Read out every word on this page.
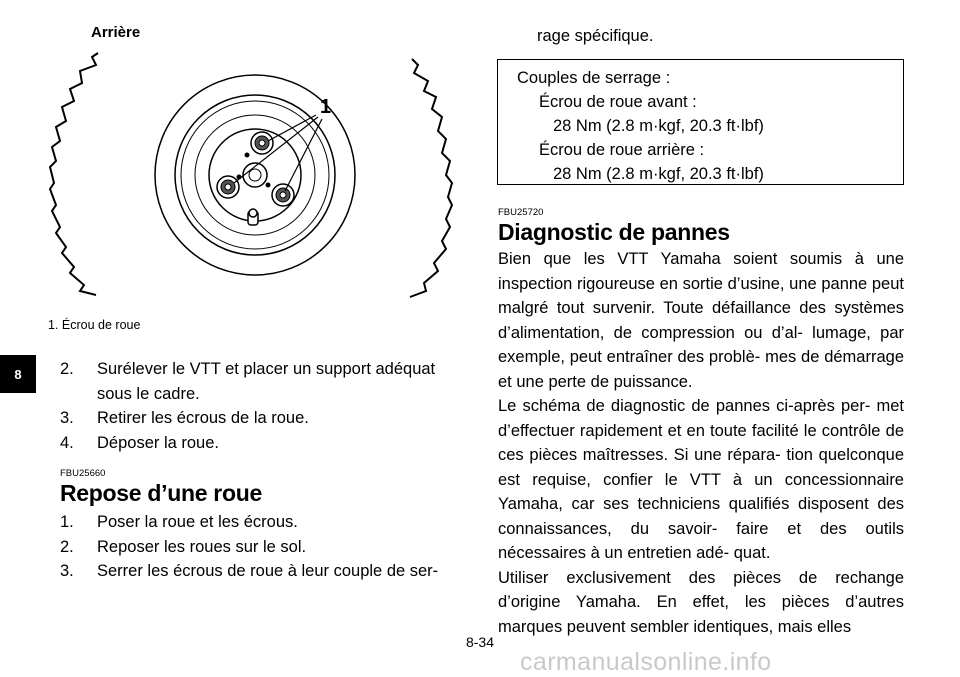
Arrière
1
1. Écrou de roue
8	2. Surélever le VTT et placer un support adéquat sous le cadre.
3. Retirer les écrous de la roue.
4. Déposer la roue.
FBU25660
Repose d’une roue
1. Poser la roue et les écrous.
2. Reposer les roues sur le sol.
3. Serrer les écrous de roue à leur couple de ser-
rage spécifique.
Couples de serrage :
Écrou de roue avant :
28 Nm (2.8 m·kgf, 20.3 ft·lbf)
Écrou de roue arrière :
28 Nm (2.8 m·kgf, 20.3 ft·lbf)
FBU25720
Diagnostic de pannes

Bien que les VTT Yamaha soient soumis à une inspection rigoureuse en sortie d’usine, une panne peut malgré tout survenir. Toute défaillance des systèmes d’alimentation, de compression ou d’al- lumage, par exemple, peut entraîner des problè- mes de démarrage et une perte de puissance.

Le schéma de diagnostic de pannes ci-après per- met d’effectuer rapidement et en toute facilité le contrôle de ces pièces maîtresses. Si une répara- tion quelconque est requise, confier le VTT à un concessionnaire Yamaha, car ses techniciens qualifiés disposent des connaissances, du savoir- faire et des outils nécessaires à un entretien adé- quat.

Utiliser exclusivement des pièces de rechange d’origine Yamaha. En effet, les pièces d’autres marques peuvent sembler identiques, mais elles

8-34
carmanualsonline.info
